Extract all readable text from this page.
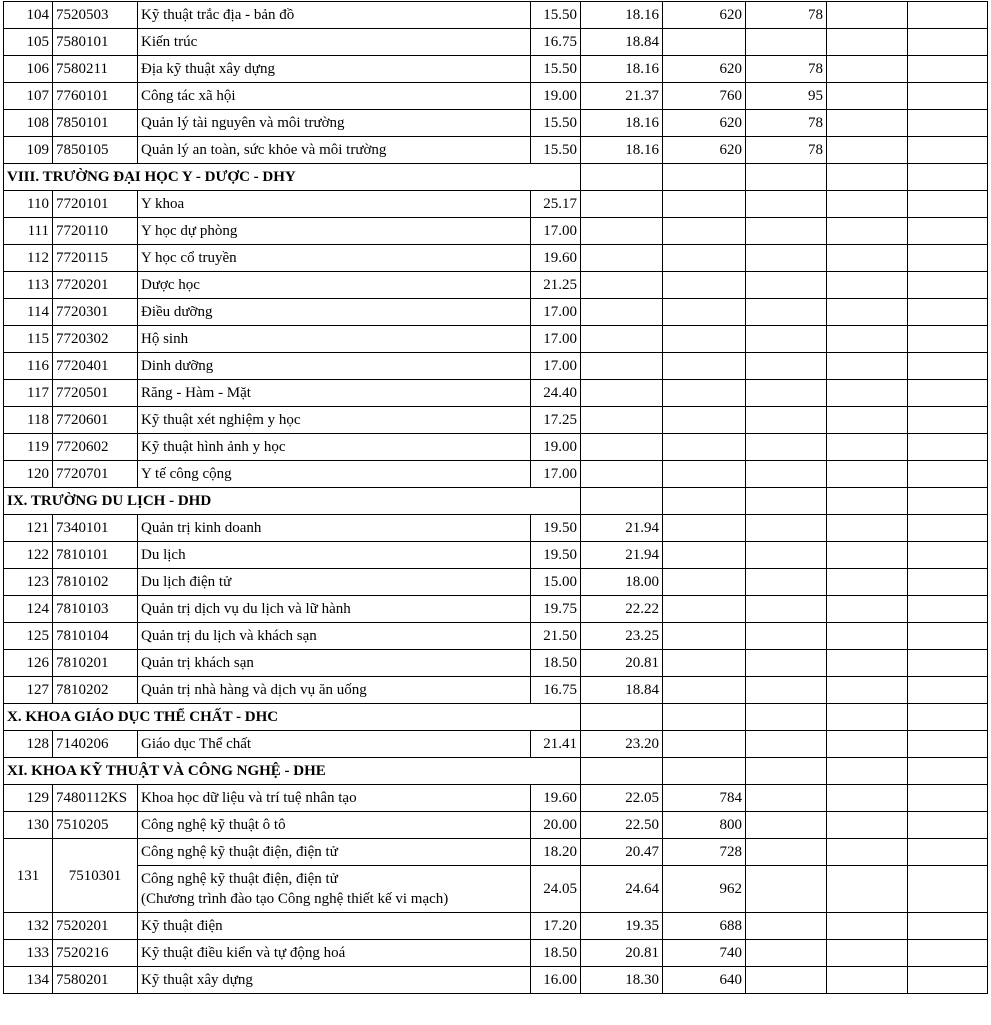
104	7520503	Kỹ thuật trắc địa - bản đồ	15.50	18.16	620	78		
105	7580101	Kiến trúc	16.75	18.84				
106	7580211	Địa kỹ thuật xây dựng	15.50	18.16	620	78		
107	7760101	Công tác xã hội	19.00	21.37	760	95		
108	7850101	Quản lý tài nguyên và môi trường	15.50	18.16	620	78		
109	7850105	Quản lý an toàn, sức khỏe và môi trường	15.50	18.16	620	78		
VIII. TRƯỜNG ĐẠI HỌC Y - DƯỢC - DHY								
110	7720101	Y khoa	25.17					
111	7720110	Y học dự phòng	17.00					
112	7720115	Y học cổ truyền	19.60					
113	7720201	Dược học	21.25					
114	7720301	Điều dưỡng	17.00					
115	7720302	Hộ sinh	17.00					
116	7720401	Dinh dưỡng	17.00					
117	7720501	Răng - Hàm - Mặt	24.40					
118	7720601	Kỹ thuật xét nghiệm y học	17.25					
119	7720602	Kỹ thuật hình ảnh y học	19.00					
120	7720701	Y tế công cộng	17.00					
IX. TRƯỜNG DU LỊCH - DHD								
121	7340101	Quản trị kinh doanh	19.50	21.94				
122	7810101	Du lịch	19.50	21.94				
123	7810102	Du lịch điện tử	15.00	18.00				
124	7810103	Quản trị dịch vụ du lịch và lữ hành	19.75	22.22				
125	7810104	Quản trị du lịch và khách sạn	21.50	23.25				
126	7810201	Quản trị khách sạn	18.50	20.81				
127	7810202	Quản trị nhà hàng và dịch vụ ăn uống	16.75	18.84				
X. KHOA GIÁO DỤC THỂ CHẤT - DHC								
128	7140206	Giáo dục Thể chất	21.41	23.20				
XI. KHOA KỸ THUẬT VÀ CÔNG NGHỆ - DHE								
129	7480112KS	Khoa học dữ liệu và trí tuệ nhân tạo	19.60	22.05	784			
130	7510205	Công nghệ kỹ thuật ô tô	20.00	22.50	800			
131	7510301	Công nghệ kỹ thuật điện, điện tử	18.20	20.47	728			
		Công nghệ kỹ thuật điện, điện tử
(Chương trình đào tạo Công nghệ thiết kế vi mạch)	24.05	24.64	962			
132	7520201	Kỹ thuật điện	17.20	19.35	688			
133	7520216	Kỹ thuật điều kiển và tự động hoá	18.50	20.81	740			
134	7580201	Kỹ thuật xây dựng	16.00	18.30	640			
